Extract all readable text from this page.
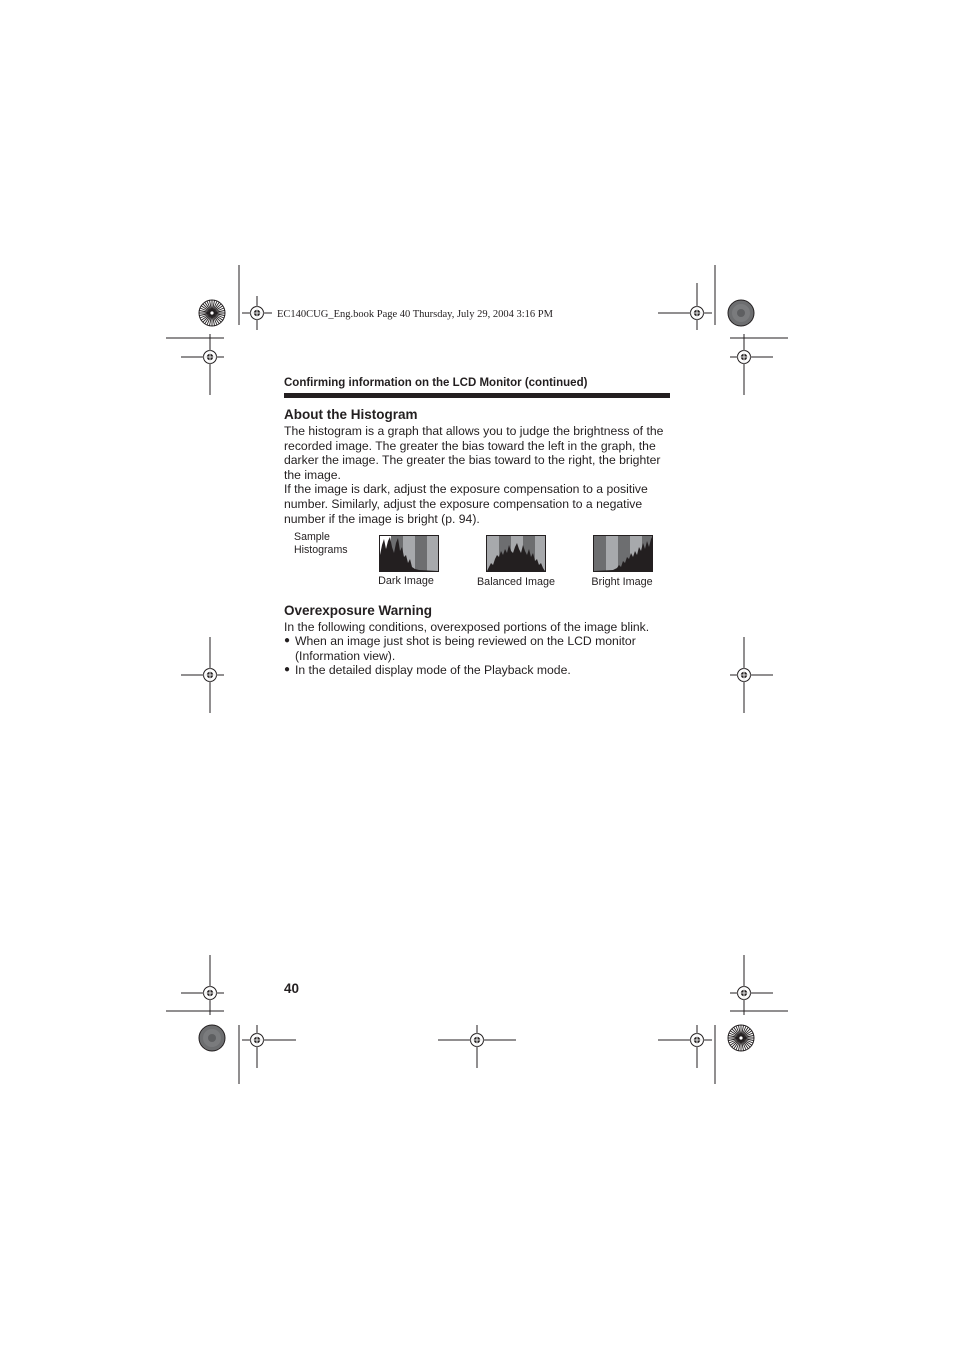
EC140CUG_Eng.book Page 40 Thursday, July 29, 2004 3:16 PM
Confirming information on the LCD Monitor (continued)
About the Histogram

The histogram is a graph that allows you to judge the brightness of the recorded image. The greater the bias toward the left in the graph, the darker the image. The greater the bias toward to the right, the brighter the image.

If the image is dark, adjust the exposure compensation to a positive number. Similarly, adjust the exposure compensation to a negative number if the image is bright (p. 94).

Sample Histograms
Dark Image	Balanced Image	Bright Image
Overexposure Warning
In the following conditions, overexposed portions of the image blink.
● When an image just shot is being reviewed on the LCD monitor (Information view).
● In the detailed display mode of the Playback mode.
40
